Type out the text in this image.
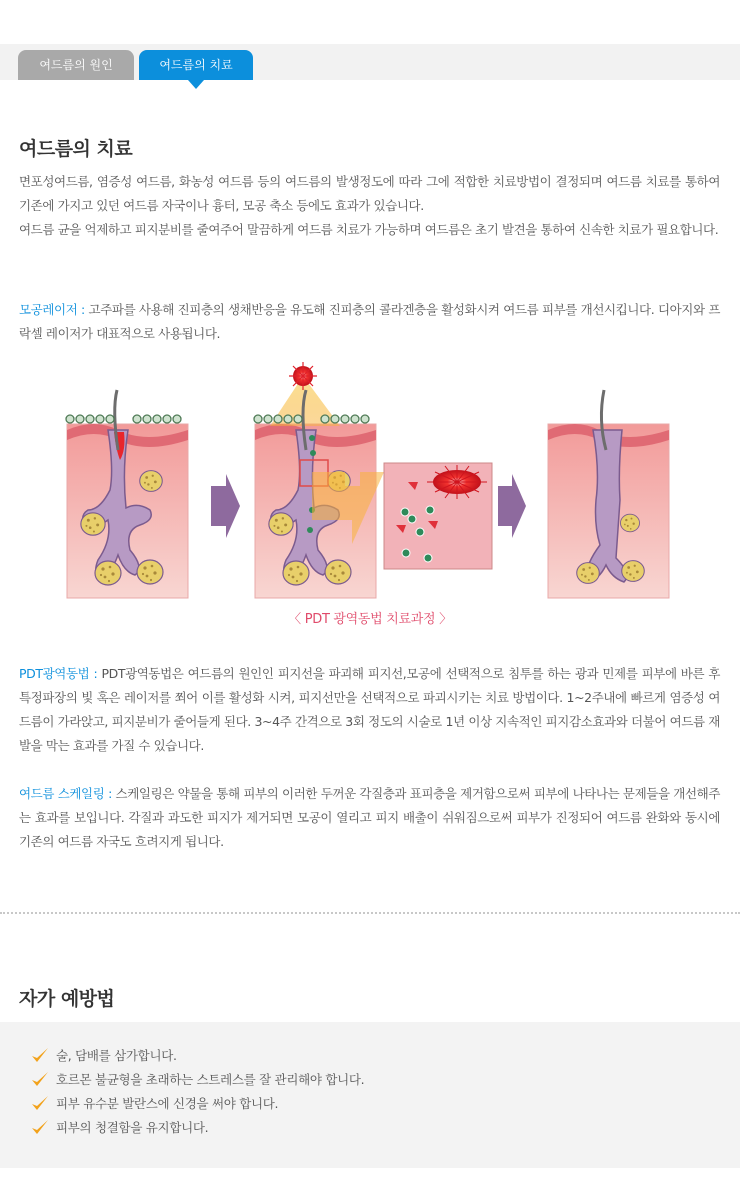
여드름의 원인	여드름의 치료
여드름의 치료
면포성여드름, 염증성 여드름, 화농성 여드름 등의 여드름의 발생정도에 따라 그에 적합한 치료방법이 결정되며 여드름 치료를 통하여 기존에 가지고 있던 여드름 자국이나 흉터, 모공 축소 등에도 효과가 있습니다.
여드름 균을 억제하고 피지분비를 줄여주어 말끔하게 여드름 치료가 가능하며 여드름은 초기 발견을 통하여 신속한 치료가 필요합니다.
모공레이저 : 고주파를 사용해 진피층의 생채반응을 유도해 진피층의 콜라겐층을 활성화시켜 여드름 피부를 개선시킵니다. 디아지와 프락셀 레이저가 대표적으로 사용됩니다.
〈 PDT 광역동법 치료과정 〉
PDT광역동법 : PDT광역동법은 여드름의 원인인 피지선을 파괴해 피지선,모공에 선택적으로 침투를 하는 광과 민제를 피부에 바른 후 특정파장의 빛 혹은 레이저를 쬐어 이를 활성화 시켜, 피지선만을 선택적으로 파괴시키는 치료 방법이다. 1~2주내에 빠르게 염증성 여드름이 가라앉고, 피지분비가 줄어들게 된다. 3~4주 간격으로 3회 정도의 시술로 1년 이상 지속적인 피지감소효과와 더불어 여드름 재발을 막는 효과를 가질 수 있습니다.
여드름 스케일링 : 스케일링은 약물을 통해 피부의 이러한 두꺼운 각질층과 표피층을 제거함으로써 피부에 나타나는 문제들을 개선해주는 효과를 보입니다. 각질과 과도한 피지가 제거되면 모공이 열리고 피지 배출이 쉬워짐으로써 피부가 진정되어 여드름 완화와 동시에 기존의 여드름 자국도 흐려지게 됩니다.
자가 예방법
술, 담배를 삼가합니다.
호르몬 불균형을 초래하는 스트레스를 잘 관리해야 합니다.
피부 유수분 발란스에 신경을 써야 합니다.
피부의 청결함을 유지합니다.
